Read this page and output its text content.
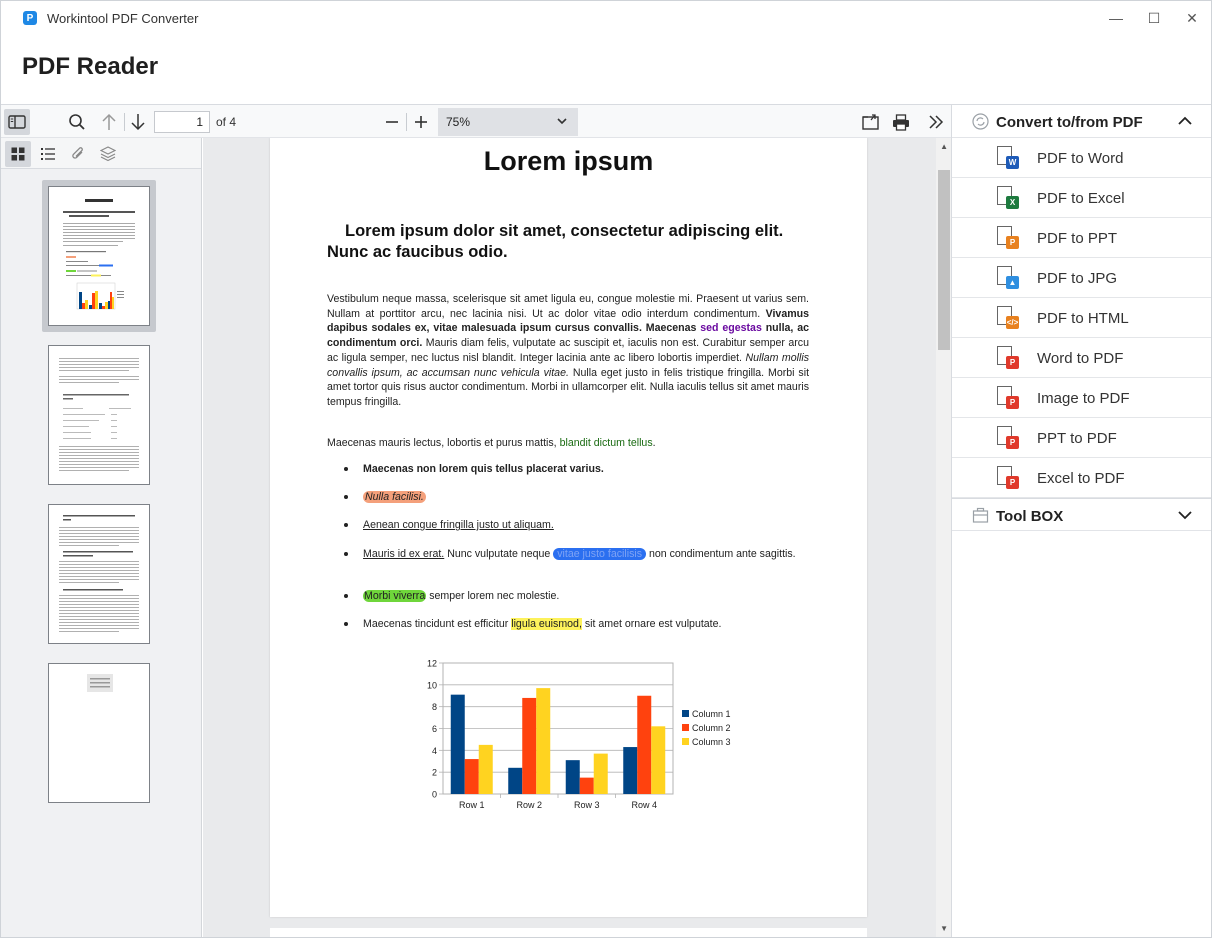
P Workintool PDF Converter	—	☐	✕
PDF Reader
1	of 4	75%
Lorem ipsum
Lorem ipsum dolor sit amet, consectetur adipiscing elit. Nunc ac faucibus odio.
Vestibulum neque massa, scelerisque sit amet ligula eu, congue molestie mi. Praesent ut varius sem. Nullam at porttitor arcu, nec lacinia nisi. Ut ac dolor vitae odio interdum condimentum. Vivamus dapibus sodales ex, vitae malesuada ipsum cursus convallis. Maecenas sed egestas nulla, ac condimentum orci. Mauris diam felis, vulputate ac suscipit et, iaculis non est. Curabitur semper arcu ac ligula semper, nec luctus nisl blandit. Integer lacinia ante ac libero lobortis imperdiet. Nullam mollis convallis ipsum, ac accumsan nunc vehicula vitae. Nulla eget justo in felis tristique fringilla. Morbi sit amet tortor quis risus auctor condimentum. Morbi in ullamcorper elit. Nulla iaculis tellus sit amet mauris tempus fringilla.
Maecenas mauris lectus, lobortis et purus mattis, blandit dictum tellus.
Maecenas non lorem quis tellus placerat varius.
Nulla facilisi.
Aenean congue fringilla justo ut aliquam.
Mauris id ex erat. Nunc vulputate neque vitae justo facilisis non condimentum ante sagittis.
Morbi viverra semper lorem nec molestie.
Maecenas tincidunt est efficitur ligula euismod, sit amet ornare est vulputate.
0
2
4
6
8
10
12
Row 1	Row 2	Row 3	Row 4
Column 1
Column 2
Column 3
▲
▼
Convert to/from PDF
W PDF to Word
X PDF to Excel
P PDF to PPT
▲ PDF to JPG
</> PDF to HTML
P Word to PDF
P Image to PDF
P PPT to PDF
P Excel to PDF
Tool BOX
